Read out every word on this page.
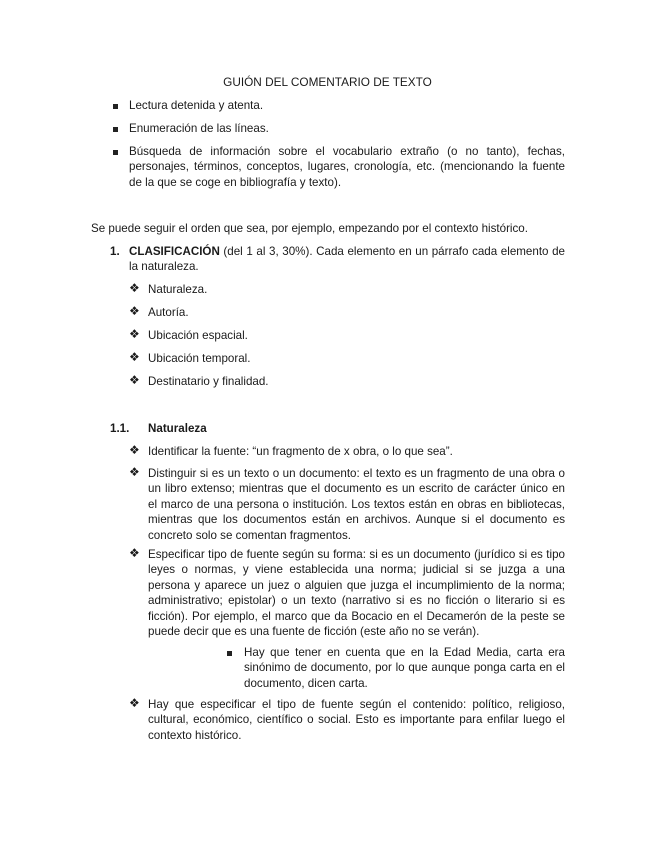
GUIÓN DEL COMENTARIO DE TEXTO
Lectura detenida y atenta.
Enumeración de las líneas.
Búsqueda de información sobre el vocabulario extraño (o no tanto), fechas, personajes, términos, conceptos, lugares, cronología, etc. (mencionando la fuente de la que se coge en bibliografía y texto).
Se puede seguir el orden que sea, por ejemplo, empezando por el contexto histórico.
1. CLASIFICACIÓN (del 1 al 3, 30%). Cada elemento en un párrafo cada elemento de la naturaleza.
❖ Naturaleza.
❖ Autoría.
❖ Ubicación espacial.
❖ Ubicación temporal.
❖ Destinatario y finalidad.
1.1. Naturaleza
❖ Identificar la fuente: “un fragmento de x obra, o lo que sea”.
❖ Distinguir si es un texto o un documento: el texto es un fragmento de una obra o un libro extenso; mientras que el documento es un escrito de carácter único en el marco de una persona o institución. Los textos están en obras en bibliotecas, mientras que los documentos están en archivos. Aunque si el documento es concreto solo se comentan fragmentos.
❖ Especificar tipo de fuente según su forma: si es un documento (jurídico si es tipo leyes o normas, y viene establecida una norma; judicial si se juzga a una persona y aparece un juez o alguien que juzga el incumplimiento de la norma; administrativo; epistolar) o un texto (narrativo si es no ficción o literario si es ficción). Por ejemplo, el marco que da Bocacio en el Decamerón de la peste se puede decir que es una fuente de ficción (este año no se verán).
Hay que tener en cuenta que en la Edad Media, carta era sinónimo de documento, por lo que aunque ponga carta en el documento, dicen carta.
❖ Hay que especificar el tipo de fuente según el contenido: político, religioso, cultural, económico, científico o social. Esto es importante para enfilar luego el contexto histórico.
